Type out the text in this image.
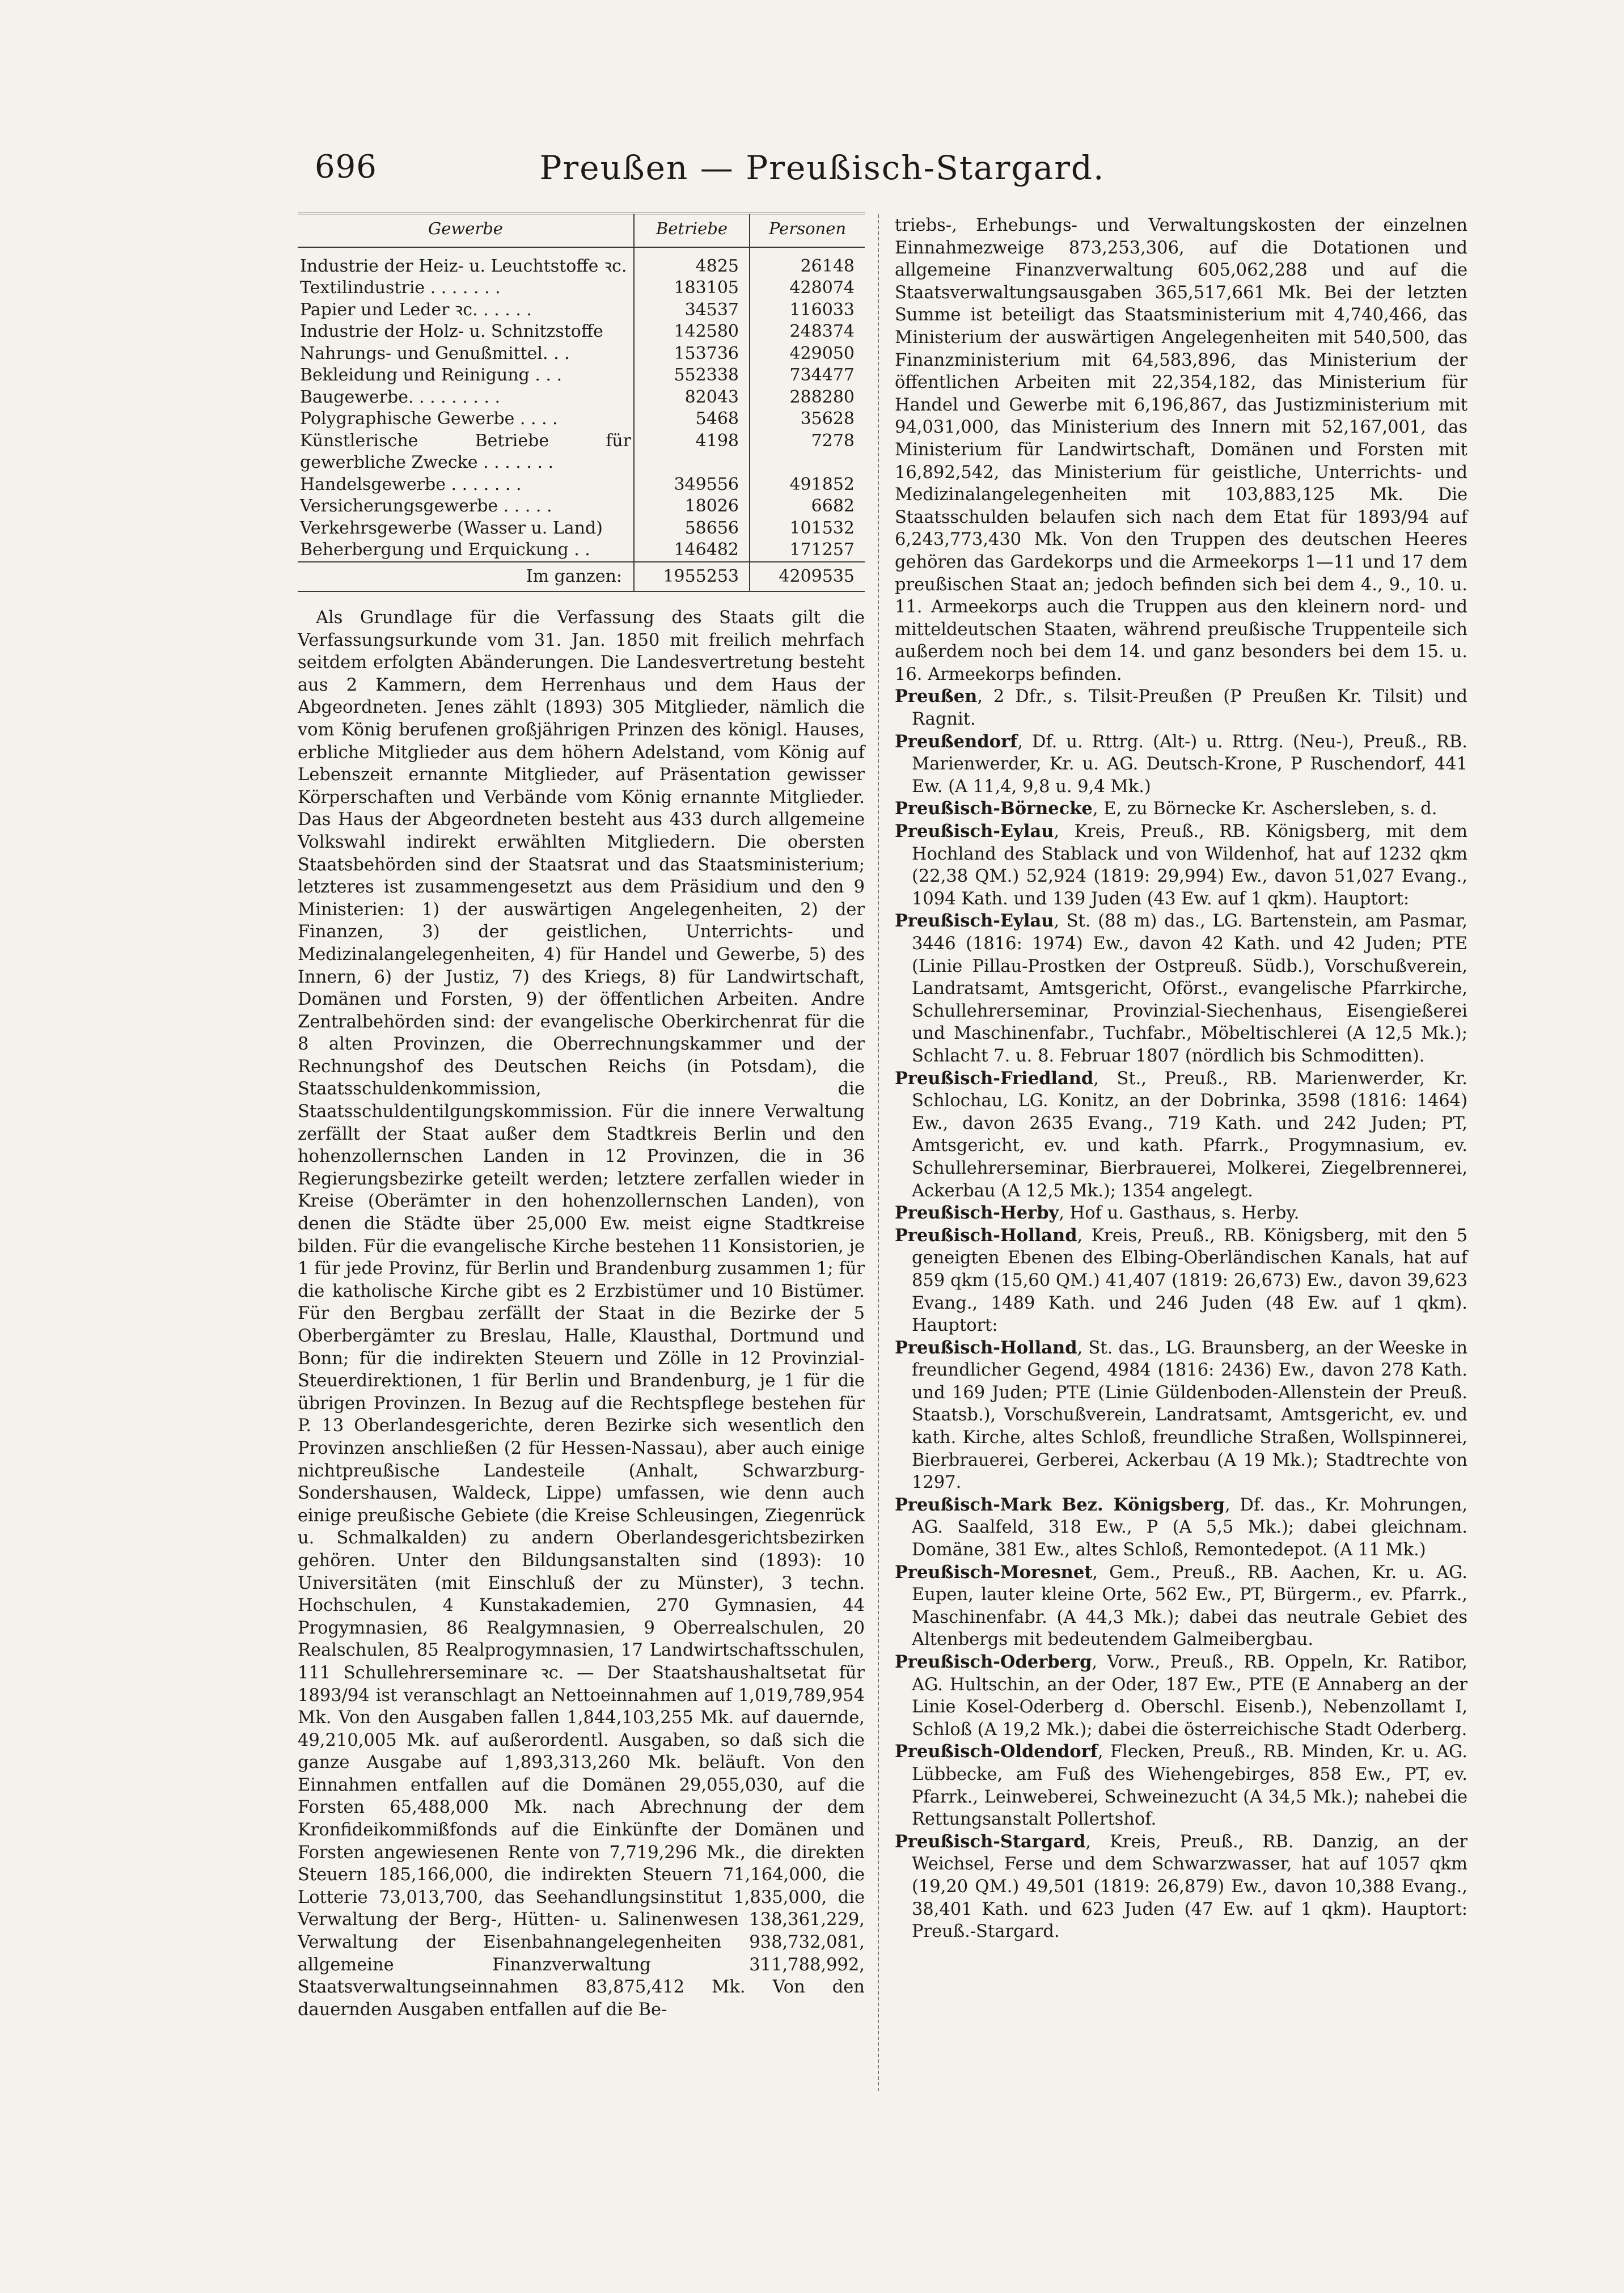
696	Preußen — Preußisch-Stargard.
Gewerbe	Betriebe	Personen
Industrie der Heiz- u. Leuchtstoffe ꝛc.	4825	26148
Textilindustrie . . . . . . .	183105	428074
Papier und Leder ꝛc. . . . . .	34537	116033
Industrie der Holz- u. Schnitzstoffe	142580	248374
Nahrungs- und Genußmittel. . .	153736	429050
Bekleidung und Reinigung . . .	552338	734477
Baugewerbe. . . . . . . . .	82043	288280
Polygraphische Gewerbe . . . .	5468	35628
Künstlerische Betriebe für gewerbliche Zwecke . . . . . . .	4198	7278
Handelsgewerbe . . . . . . .	349556	491852
Versicherungsgewerbe . . . . .	18026	6682
Verkehrsgewerbe (Wasser u. Land)	58656	101532
Beherbergung und Erquickung . .	146482	171257
Im ganzen:	1955253	4209535

Als Grundlage für die Verfassung des Staats gilt die Verfassungsurkunde vom 31. Jan. 1850 mit freilich mehrfach seitdem erfolgten Abänderungen. Die Landesvertretung besteht aus 2 Kammern, dem Herrenhaus und dem Haus der Abgeordneten. Jenes zählt (1893) 305 Mitglieder, nämlich die vom König berufenen großjährigen Prinzen des königl. Hauses, erbliche Mitglieder aus dem höhern Adelstand, vom König auf Lebenszeit ernannte Mitglieder, auf Präsentation gewisser Körperschaften und Verbände vom König ernannte Mitglieder. Das Haus der Abgeordneten besteht aus 433 durch allgemeine Volkswahl indirekt erwählten Mitgliedern. Die obersten Staatsbehörden sind der Staatsrat und das Staatsministerium; letzteres ist zusammengesetzt aus dem Präsidium und den 9 Ministerien: 1) der auswärtigen Angelegenheiten, 2) der Finanzen, 3) der geistlichen, Unterrichts- und Medizinalangelegenheiten, 4) für Handel und Gewerbe, 5) des Innern, 6) der Justiz, 7) des Kriegs, 8) für Landwirtschaft, Domänen und Forsten, 9) der öffentlichen Arbeiten. Andre Zentralbehörden sind: der evangelische Oberkirchenrat für die 8 alten Provinzen, die Oberrechnungskammer und der Rechnungshof des Deutschen Reichs (in Potsdam), die Staatsschuldenkommission, die Staatsschuldentilgungskommission. Für die innere Verwaltung zerfällt der Staat außer dem Stadtkreis Berlin und den hohenzollernschen Landen in 12 Provinzen, die in 36 Regierungsbezirke geteilt werden; letztere zerfallen wieder in Kreise (Oberämter in den hohenzollernschen Landen), von denen die Städte über 25,000 Ew. meist eigne Stadtkreise bilden. Für die evangelische Kirche bestehen 11 Konsistorien, je 1 für jede Provinz, für Berlin und Brandenburg zusammen 1; für die katholische Kirche gibt es 2 Erzbistümer und 10 Bistümer. Für den Bergbau zerfällt der Staat in die Bezirke der 5 Oberbergämter zu Breslau, Halle, Klausthal, Dortmund und Bonn; für die indirekten Steuern und Zölle in 12 Provinzial-Steuerdirektionen, 1 für Berlin und Brandenburg, je 1 für die übrigen Provinzen. In Bezug auf die Rechtspflege bestehen für P. 13 Oberlandesgerichte, deren Bezirke sich wesentlich den Provinzen anschließen (2 für Hessen-Nassau), aber auch einige nichtpreußische Landesteile (Anhalt, Schwarzburg-Sondershausen, Waldeck, Lippe) umfassen, wie denn auch einige preußische Gebiete (die Kreise Schleusingen, Ziegenrück u. Schmalkalden) zu andern Oberlandesgerichtsbezirken gehören. Unter den Bildungsanstalten sind (1893): 10 Universitäten (mit Einschluß der zu Münster), 3 techn. Hochschulen, 4 Kunstakademien, 270 Gymnasien, 44 Progymnasien, 86 Realgymnasien, 9 Oberrealschulen, 20 Realschulen, 85 Realprogymnasien, 17 Landwirtschaftsschulen, 111 Schullehrerseminare ꝛc. — Der Staatshaushaltsetat für 1893/94 ist veranschlagt an Nettoeinnahmen auf 1,019,789,954 Mk. Von den Ausgaben fallen 1,844,103,255 Mk. auf dauernde, 49,210,005 Mk. auf außerordentl. Ausgaben, so daß sich die ganze Ausgabe auf 1,893,313,260 Mk. beläuft. Von den Einnahmen entfallen auf die Domänen 29,055,030, auf die Forsten 65,488,000 Mk. nach Abrechnung der dem Kronfideikommißfonds auf die Einkünfte der Domänen und Forsten angewiesenen Rente von 7,719,296 Mk., die direkten Steuern 185,166,000, die indirekten Steuern 71,164,000, die Lotterie 73,013,700, das Seehandlungsinstitut 1,835,000, die Verwaltung der Berg-, Hütten- u. Salinenwesen 138,361,229, Verwaltung der Eisenbahnangelegenheiten 938,732,081, allgemeine Finanzverwaltung 311,788,992, Staatsverwaltungseinnahmen 83,875,412 Mk. Von den dauernden Ausgaben entfallen auf die Be-

triebs-, Erhebungs- und Verwaltungskosten der einzelnen Einnahmezweige 873,253,306, auf die Dotationen und allgemeine Finanzverwaltung 605,062,288 und auf die Staatsverwaltungsausgaben 365,517,661 Mk. Bei der letzten Summe ist beteiligt das Staatsministerium mit 4,740,466, das Ministerium der auswärtigen Angelegenheiten mit 540,500, das Finanzministerium mit 64,583,896, das Ministerium der öffentlichen Arbeiten mit 22,354,182, das Ministerium für Handel und Gewerbe mit 6,196,867, das Justizministerium mit 94,031,000, das Ministerium des Innern mit 52,167,001, das Ministerium für Landwirtschaft, Domänen und Forsten mit 16,892,542, das Ministerium für geistliche, Unterrichts- und Medizinalangelegenheiten mit 103,883,125 Mk. Die Staatsschulden belaufen sich nach dem Etat für 1893/94 auf 6,243,773,430 Mk. Von den Truppen des deutschen Heeres gehören das Gardekorps und die Armeekorps 1—11 und 17 dem preußischen Staat an; jedoch befinden sich bei dem 4., 9., 10. u. 11. Armeekorps auch die Truppen aus den kleinern nord- und mitteldeutschen Staaten, während preußische Truppenteile sich außerdem noch bei dem 14. und ganz besonders bei dem 15. u. 16. Armeekorps befinden.

Preußen, 2 Dfr., s. Tilsit-Preußen (P Preußen Kr. Tilsit) und Ragnit.

Preußendorf, Df. u. Rttrg. (Alt-) u. Rttrg. (Neu-), Preuß., RB. Marienwerder, Kr. u. AG. Deutsch-Krone, P Ruschendorf, 441 Ew. (A 11,4, 9,8 u. 9,4 Mk.)

Preußisch-Börnecke, E, zu Börnecke Kr. Aschersleben, s. d.

Preußisch-Eylau, Kreis, Preuß., RB. Königsberg, mit dem Hochland des Stablack und von Wildenhof, hat auf 1232 qkm (22,38 QM.) 52,924 (1819: 29,994) Ew., davon 51,027 Evang., 1094 Kath. und 139 Juden (43 Ew. auf 1 qkm). Hauptort:

Preußisch-Eylau, St. (88 m) das., LG. Bartenstein, am Pasmar, 3446 (1816: 1974) Ew., davon 42 Kath. und 42 Juden; PTE (Linie Pillau-Prostken der Ostpreuß. Südb.), Vorschußverein, Landratsamt, Amtsgericht, Oförst., evangelische Pfarrkirche, Schullehrerseminar, Provinzial-Siechenhaus, Eisengießerei und Maschinenfabr., Tuchfabr., Möbeltischlerei (A 12,5 Mk.); Schlacht 7. u. 8. Februar 1807 (nördlich bis Schmoditten).

Preußisch-Friedland, St., Preuß., RB. Marienwerder, Kr. Schlochau, LG. Konitz, an der Dobrinka, 3598 (1816: 1464) Ew., davon 2635 Evang., 719 Kath. und 242 Juden; PT, Amtsgericht, ev. und kath. Pfarrk., Progymnasium, ev. Schullehrerseminar, Bierbrauerei, Molkerei, Ziegelbrennerei, Ackerbau (A 12,5 Mk.); 1354 angelegt.

Preußisch-Herby, Hof u. Gasthaus, s. Herby.

Preußisch-Holland, Kreis, Preuß., RB. Königsberg, mit den 5 geneigten Ebenen des Elbing-Oberländischen Kanals, hat auf 859 qkm (15,60 QM.) 41,407 (1819: 26,673) Ew., davon 39,623 Evang., 1489 Kath. und 246 Juden (48 Ew. auf 1 qkm). Hauptort:

Preußisch-Holland, St. das., LG. Braunsberg, an der Weeske in freundlicher Gegend, 4984 (1816: 2436) Ew., davon 278 Kath. und 169 Juden; PTE (Linie Güldenboden-Allenstein der Preuß. Staatsb.), Vorschußverein, Landratsamt, Amtsgericht, ev. und kath. Kirche, altes Schloß, freundliche Straßen, Wollspinnerei, Bierbrauerei, Gerberei, Ackerbau (A 19 Mk.); Stadtrechte von 1297.

Preußisch-Mark Bez. Königsberg, Df. das., Kr. Mohrungen, AG. Saalfeld, 318 Ew., P (A 5,5 Mk.); dabei gleichnam. Domäne, 381 Ew., altes Schloß, Remontedepot. (A 11 Mk.)

Preußisch-Moresnet, Gem., Preuß., RB. Aachen, Kr. u. AG. Eupen, lauter kleine Orte, 562 Ew., PT, Bürgerm., ev. Pfarrk., Maschinenfabr. (A 44,3 Mk.); dabei das neutrale Gebiet des Altenbergs mit bedeutendem Galmeibergbau.

Preußisch-Oderberg, Vorw., Preuß., RB. Oppeln, Kr. Ratibor, AG. Hultschin, an der Oder, 187 Ew., PTE (E Annaberg an der Linie Kosel-Oderberg d. Oberschl. Eisenb.), Nebenzollamt I, Schloß (A 19,2 Mk.); dabei die österreichische Stadt Oderberg.

Preußisch-Oldendorf, Flecken, Preuß., RB. Minden, Kr. u. AG. Lübbecke, am Fuß des Wiehengebirges, 858 Ew., PT, ev. Pfarrk., Leinweberei, Schweinezucht (A 34,5 Mk.); nahebei die Rettungsanstalt Pollertshof.

Preußisch-Stargard, Kreis, Preuß., RB. Danzig, an der Weichsel, Ferse und dem Schwarzwasser, hat auf 1057 qkm (19,20 QM.) 49,501 (1819: 26,879) Ew., davon 10,388 Evang., 38,401 Kath. und 623 Juden (47 Ew. auf 1 qkm). Hauptort: Preuß.-Stargard.
